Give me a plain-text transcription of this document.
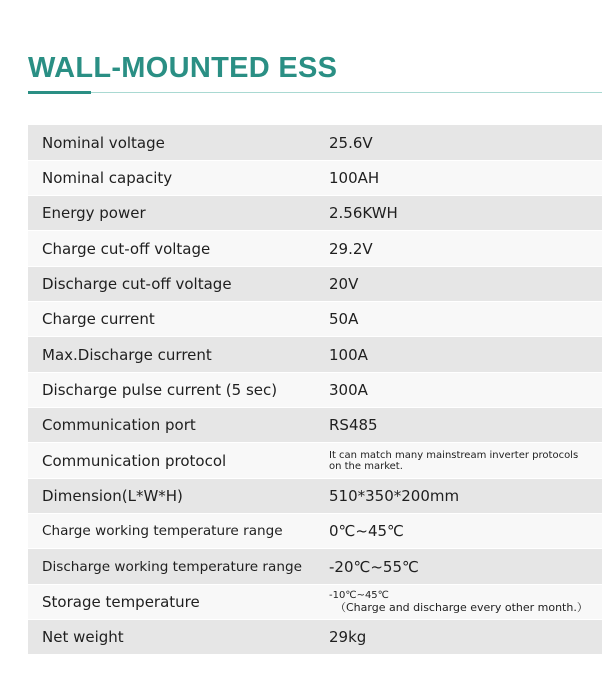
WALL-MOUNTED ESS
Nominal voltage	25.6V
Nominal capacity	100AH
Energy power	2.56KWH
Charge cut-off voltage	29.2V
Discharge cut-off voltage	20V
Charge current	50A
Max.Discharge current	100A
Discharge pulse current (5 sec)	300A
Communication port	RS485
Communication protocol	It can match many mainstream inverter protocols on the market.
Dimension(L*W*H)	510*350*200mm
Charge working temperature range	0℃~45℃
Discharge working temperature range	-20℃~55℃
Storage temperature	-10℃~45℃
（Charge and discharge every other month.）
Net weight	29kg
